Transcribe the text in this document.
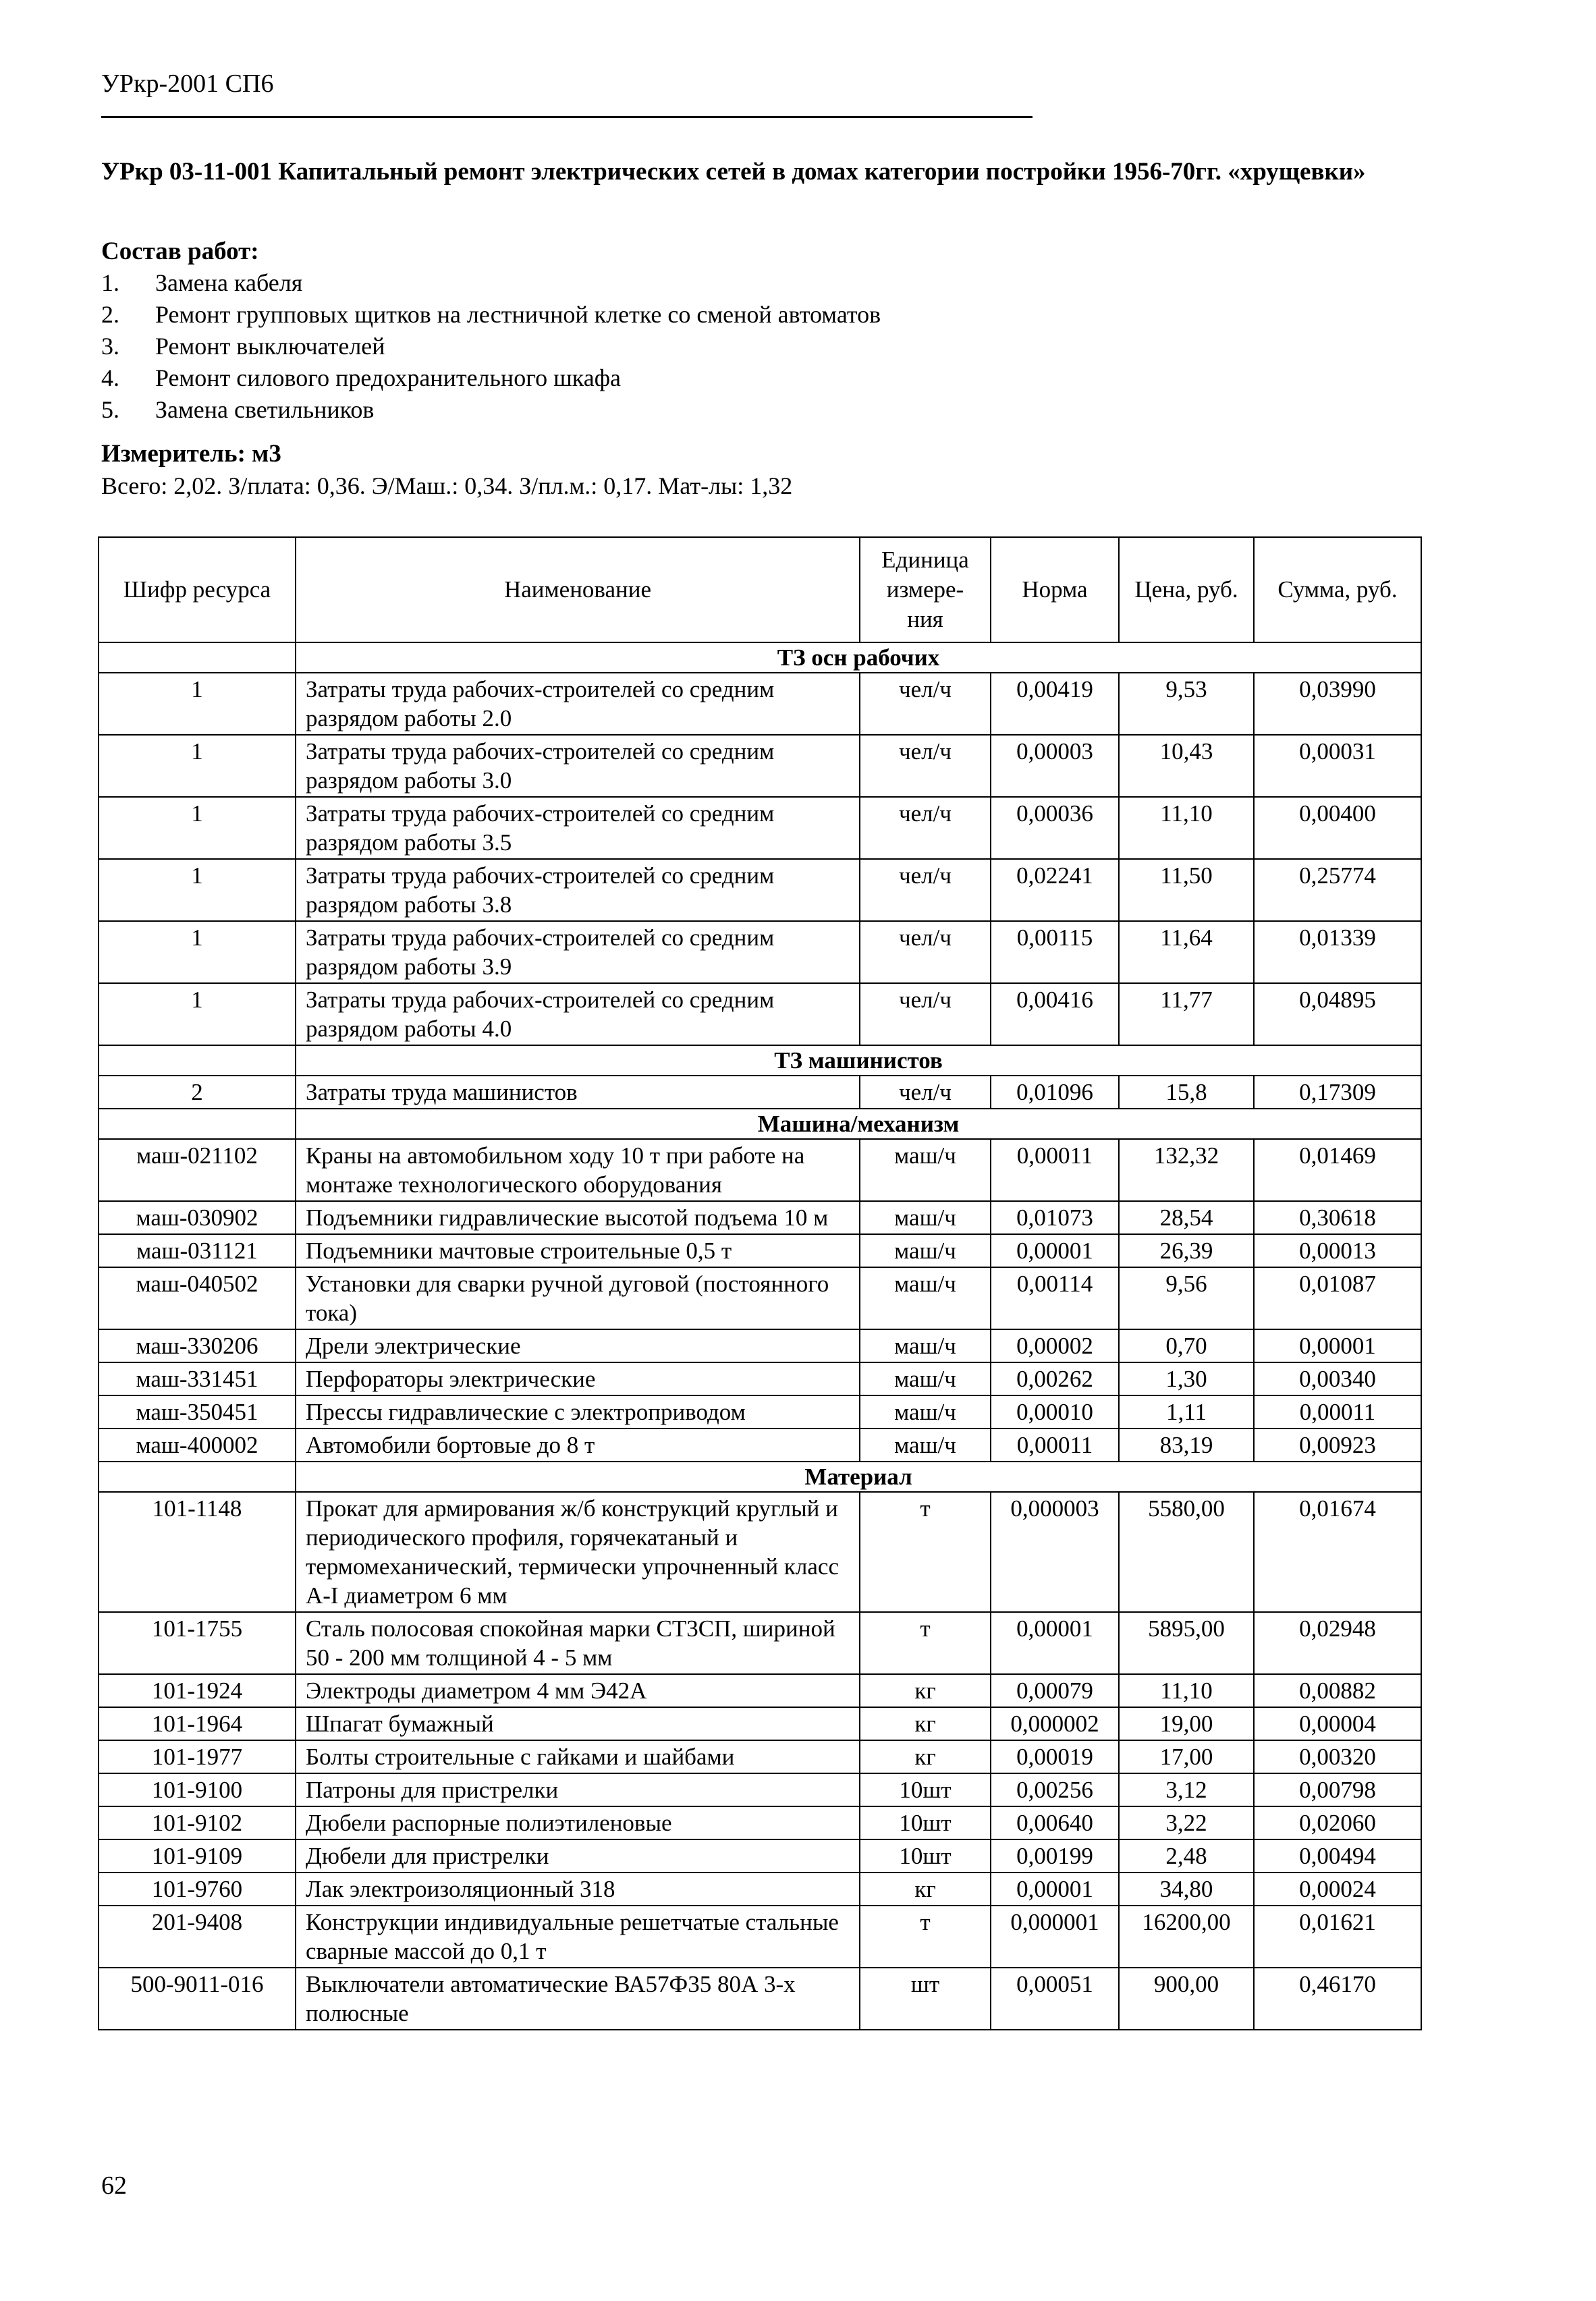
УРкр-2001 СП6
УРкр 03-11-001 Капитальный ремонт электрических сетей в домах категории постройки 1956-70гг. «хрущевки»
Состав работ:
1.	Замена кабеля
2.	Ремонт групповых щитков на лестничной клетке со сменой автоматов
3.	Ремонт выключателей
4.	Ремонт силового предохранительного шкафа
5.	Замена светильников
Измеритель: м3
Всего: 2,02. З/плата: 0,36. Э/Маш.: 0,34. З/пл.м.: 0,17. Мат-лы: 1,32
Шифр ресурса	Наименование	Единица измере-ния	Норма	Цена, руб.	Сумма, руб.
	ТЗ осн рабочих				
1	Затраты труда рабочих-строителей со средним разрядом работы 2.0	чел/ч	0,00419	9,53	0,03990
1	Затраты труда рабочих-строителей со средним разрядом работы 3.0	чел/ч	0,00003	10,43	0,00031
1	Затраты труда рабочих-строителей со средним разрядом работы 3.5	чел/ч	0,00036	11,10	0,00400
1	Затраты труда рабочих-строителей со средним разрядом работы 3.8	чел/ч	0,02241	11,50	0,25774
1	Затраты труда рабочих-строителей со средним разрядом работы 3.9	чел/ч	0,00115	11,64	0,01339
1	Затраты труда рабочих-строителей со средним разрядом работы 4.0	чел/ч	0,00416	11,77	0,04895
	ТЗ машинистов				
2	Затраты труда машинистов	чел/ч	0,01096	15,8	0,17309
	Машина/механизм				
маш-021102	Краны на автомобильном ходу 10 т при работе на монтаже технологического оборудования	маш/ч	0,00011	132,32	0,01469
маш-030902	Подъемники гидравлические высотой подъема 10 м	маш/ч	0,01073	28,54	0,30618
маш-031121	Подъемники мачтовые строительные 0,5 т	маш/ч	0,00001	26,39	0,00013
маш-040502	Установки для сварки ручной дуговой (постоянного тока)	маш/ч	0,00114	9,56	0,01087
маш-330206	Дрели электрические	маш/ч	0,00002	0,70	0,00001
маш-331451	Перфораторы электрические	маш/ч	0,00262	1,30	0,00340
маш-350451	Прессы гидравлические с электроприводом	маш/ч	0,00010	1,11	0,00011
маш-400002	Автомобили бортовые до 8 т	маш/ч	0,00011	83,19	0,00923
	Материал				
101-1148	Прокат для армирования ж/б конструкций круглый и периодического профиля, горячекатаный и термомеханический, термически упрочненный класс А-I диаметром 6 мм	т	0,000003	5580,00	0,01674
101-1755	Сталь полосовая спокойная марки СТ3СП, шириной 50 - 200 мм толщиной 4 - 5 мм	т	0,00001	5895,00	0,02948
101-1924	Электроды диаметром 4 мм Э42А	кг	0,00079	11,10	0,00882
101-1964	Шпагат бумажный	кг	0,000002	19,00	0,00004
101-1977	Болты строительные с гайками и шайбами	кг	0,00019	17,00	0,00320
101-9100	Патроны для пристрелки	10шт	0,00256	3,12	0,00798
101-9102	Дюбели распорные полиэтиленовые	10шт	0,00640	3,22	0,02060
101-9109	Дюбели для пристрелки	10шт	0,00199	2,48	0,00494
101-9760	Лак электроизоляционный 318	кг	0,00001	34,80	0,00024
201-9408	Конструкции индивидуальные решетчатые стальные сварные массой до 0,1 т	т	0,000001	16200,00	0,01621
500-9011-016	Выключатели автоматические ВА57Ф35 80А 3-х полюсные	шт	0,00051	900,00	0,46170
62
